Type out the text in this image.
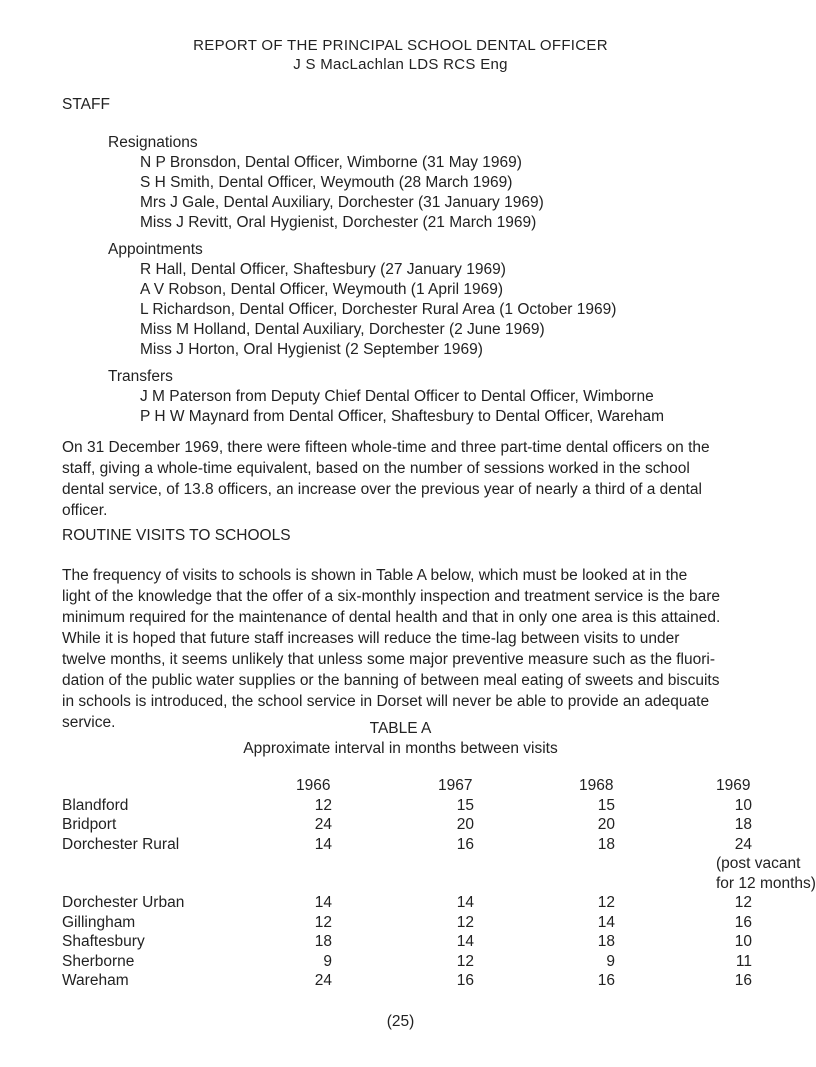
REPORT OF THE PRINCIPAL SCHOOL DENTAL OFFICER
J S MacLachlan LDS RCS Eng
STAFF
Resignations
N P Bronsdon, Dental Officer, Wimborne (31 May 1969)
S H Smith, Dental Officer, Weymouth (28 March 1969)
Mrs J Gale, Dental Auxiliary, Dorchester (31 January 1969)
Miss J Revitt, Oral Hygienist, Dorchester (21 March 1969)
Appointments
R Hall, Dental Officer, Shaftesbury (27 January 1969)
A V Robson, Dental Officer, Weymouth (1 April 1969)
L Richardson, Dental Officer, Dorchester Rural Area (1 October 1969)
Miss M Holland, Dental Auxiliary, Dorchester (2 June 1969)
Miss J Horton, Oral Hygienist (2 September 1969)
Transfers
J M Paterson from Deputy Chief Dental Officer to Dental Officer, Wimborne
P H W Maynard from Dental Officer, Shaftesbury to Dental Officer, Wareham
On 31 December 1969, there were fifteen whole-time and three part-time dental officers on the
staff, giving a whole-time equivalent, based on the number of sessions worked in the school
dental service, of 13.8 officers, an increase over the previous year of nearly a third of a dental
officer.
ROUTINE VISITS TO SCHOOLS
The frequency of visits to schools is shown in Table A below, which must be looked at in the
light of the knowledge that the offer of a six-monthly inspection and treatment service is the bare
minimum required for the maintenance of dental health and that in only one area is this attained.
While it is hoped that future staff increases will reduce the time-lag between visits to under
twelve months, it seems unlikely that unless some major preventive measure such as the fluori-
dation of the public water supplies or the banning of between meal eating of sweets and biscuits
in schools is introduced, the school service in Dorset will never be able to provide an adequate
service.	TABLE A
Approximate interval in months between visits
1966	1967	1968	1969
Blandford	12	15	15	10
Bridport	24	20	20	18
Dorchester Rural	14	16	18	24
(post vacant
for 12 months)
Dorchester Urban	14	14	12	12
Gillingham	12	12	14	16
Shaftesbury	18	14	18	10
Sherborne	9	12	9	11
Wareham	24	16	16	16
(25)
